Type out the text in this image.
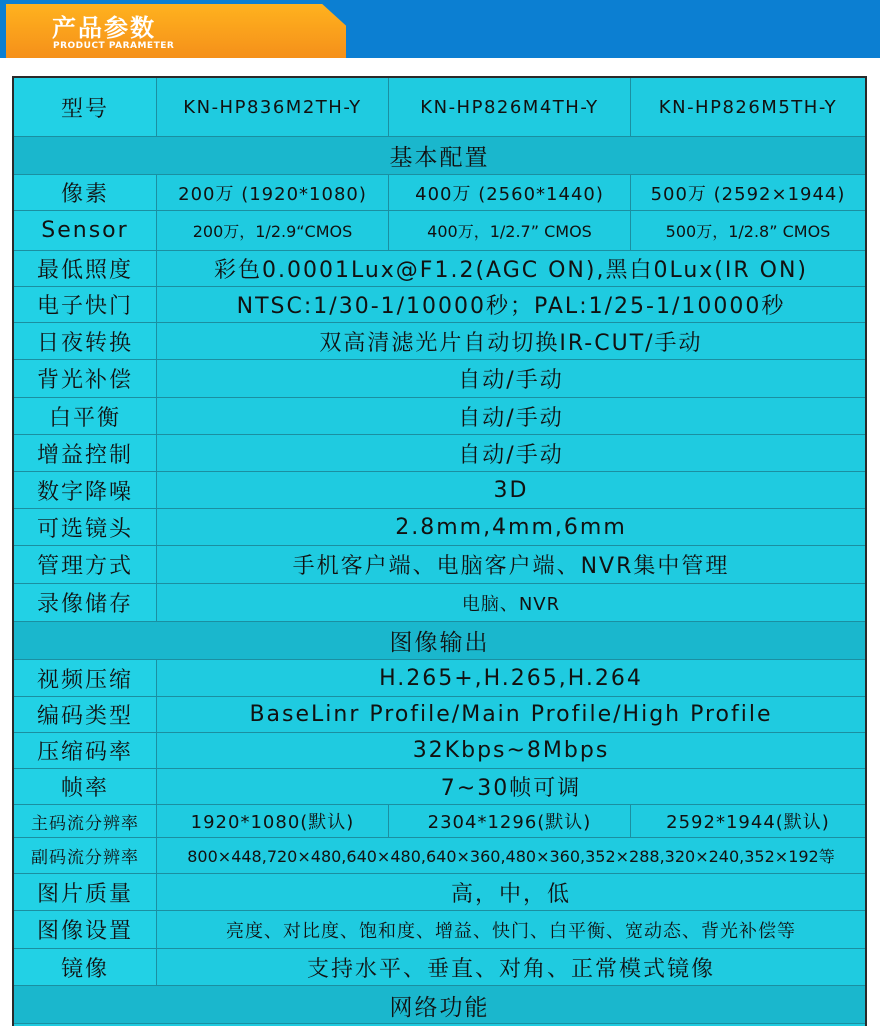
产品参数
PRODUCT PARAMETER
型号	KN-HP836M2TH-Y	KN-HP826M4TH-Y	KN-HP826M5TH-Y
基本配置
像素	200万 (1920*1080)	400万 (2560*1440)	500万 (2592×1944)
Sensor	200万，1/2.9“CMOS	400万，1/2.7” CMOS	500万，1/2.8” CMOS
最低照度	彩色0.0001Lux@F1.2(AGC ON),黑白0Lux(IR ON)
电子快门	NTSC:1/30-1/10000秒；PAL:1/25-1/10000秒
日夜转换	双高清滤光片自动切换IR-CUT/手动
背光补偿	自动/手动
白平衡	自动/手动
增益控制	自动/手动
数字降噪	3D
可选镜头	2.8mm,4mm,6mm
管理方式	手机客户端、电脑客户端、NVR集中管理
录像储存	电脑、NVR
图像输出
视频压缩	H.265+,H.265,H.264
编码类型	BaseLinr Profile/Main Profile/High Profile
压缩码率	32Kbps~8Mbps
帧率	7~30帧可调
主码流分辨率	1920*1080(默认)	2304*1296(默认)	2592*1944(默认)
副码流分辨率	800×448,720×480,640×480,640×360,480×360,352×288,320×240,352×192等
图片质量	高，中，低
图像设置	亮度、对比度、饱和度、增益、快门、白平衡、宽动态、背光补偿等
镜像	支持水平、垂直、对角、正常模式镜像
网络功能
